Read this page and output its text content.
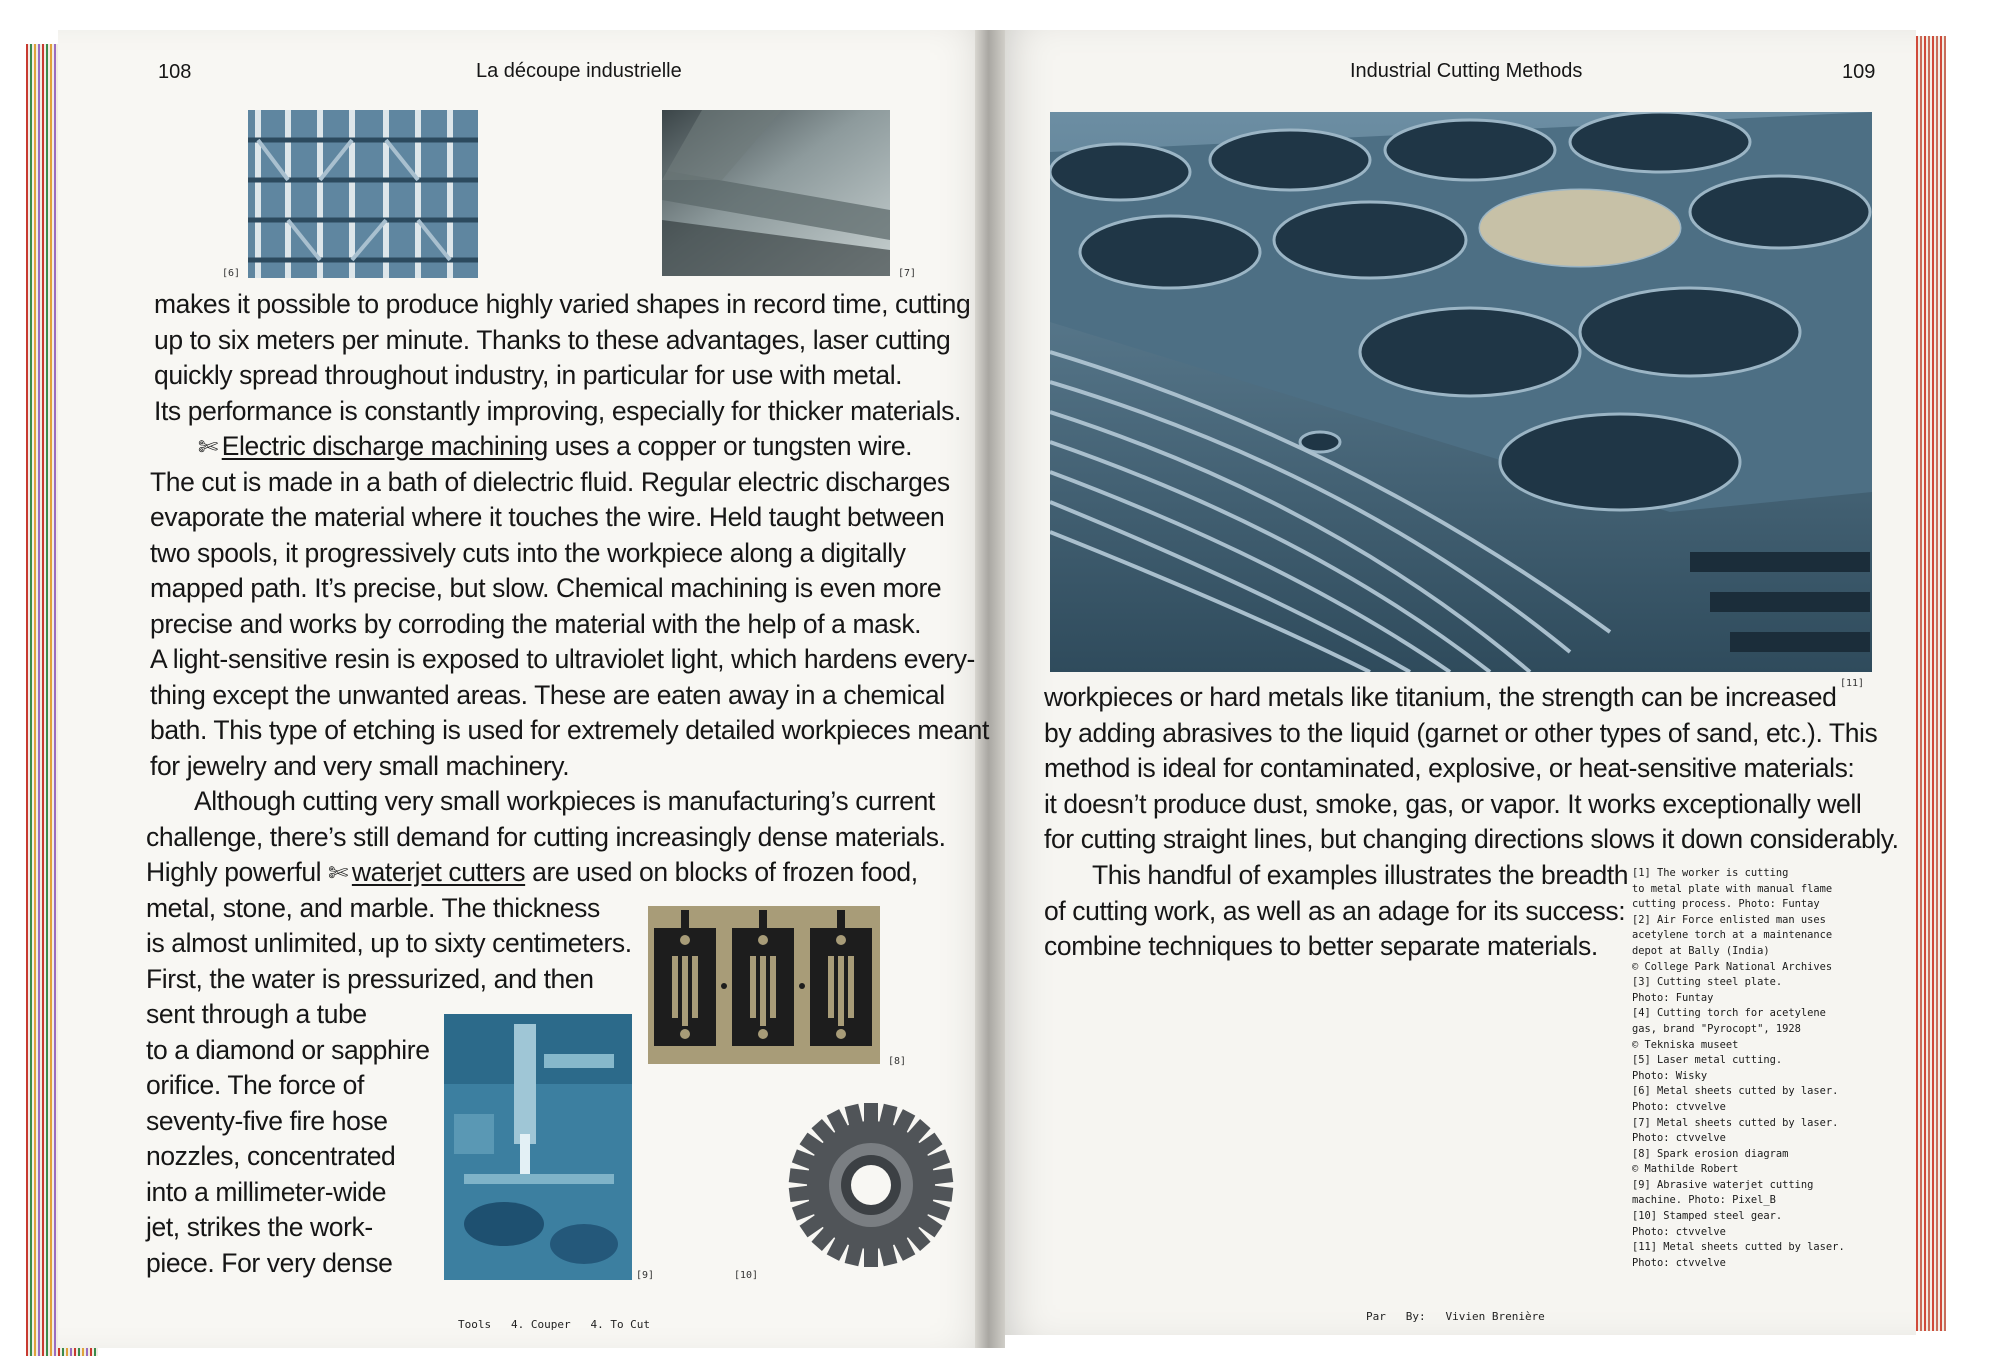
108	La découpe industrielle
[6]	[7]
makes it possible to produce highly varied shapes in record time, cutting
up to six meters per minute. Thanks to these advantages, laser cutting
quickly spread throughout industry, in particular for use with metal.
Its performance is constantly improving, especially for thicker materials.
✄ Electric discharge machining uses a copper or tungsten wire.
The cut is made in a bath of dielectric fluid. Regular electric discharges
evaporate the material where it touches the wire. Held taught between
two spools, it progressively cuts into the workpiece along a digitally
mapped path. It’s precise, but slow. Chemical machining is even more
precise and works by corroding the material with the help of a mask.
A light-sensitive resin is exposed to ultraviolet light, which hardens every-
thing except the unwanted areas. These are eaten away in a chemical
bath. This type of etching is used for extremely detailed workpieces meant
for jewelry and very small machinery.
Although cutting very small workpieces is manufacturing’s current
challenge, there’s still demand for cutting increasingly dense materials.
Highly powerful ✄ waterjet cutters are used on blocks of frozen food,
metal, stone, and marble. The thickness
is almost unlimited, up to sixty centimeters.
First, the water is pressurized, and then
sent through a tube
to a diamond or sapphire
orifice. The force of
seventy-five fire hose
nozzles, concentrated
into a millimeter-wide
jet, strikes the work-
piece. For very dense
[8]
[9]	[10]
Tools   4. Couper   4. To Cut
Industrial Cutting Methods	109
[11]
workpieces or hard metals like titanium, the strength can be increased
by adding abrasives to the liquid (garnet or other types of sand, etc.). This
method is ideal for contaminated, explosive, or heat-sensitive materials:
it doesn’t produce dust, smoke, gas, or vapor. It works exceptionally well
for cutting straight lines, but changing directions slows it down considerably.
This handful of examples illustrates the breadth
of cutting work, as well as an adage for its success:
combine techniques to better separate materials.
[1] The worker is cutting
to metal plate with manual flame
cutting process. Photo: Funtay
[2] Air Force enlisted man uses
acetylene torch at a maintenance
depot at Bally (India)
© College Park National Archives
[3] Cutting steel plate.
Photo: Funtay
[4] Cutting torch for acetylene
gas, brand "Pyrocopt", 1928
© Tekniska museet
[5] Laser metal cutting.
Photo: Wisky
[6] Metal sheets cutted by laser.
Photo: ctvvelve
[7] Metal sheets cutted by laser.
Photo: ctvvelve
[8] Spark erosion diagram
© Mathilde Robert
[9] Abrasive waterjet cutting
machine. Photo: Pixel_B
[10] Stamped steel gear.
Photo: ctvvelve
[11] Metal sheets cutted by laser.
Photo: ctvvelve
Par   By:   Vivien Brenière
